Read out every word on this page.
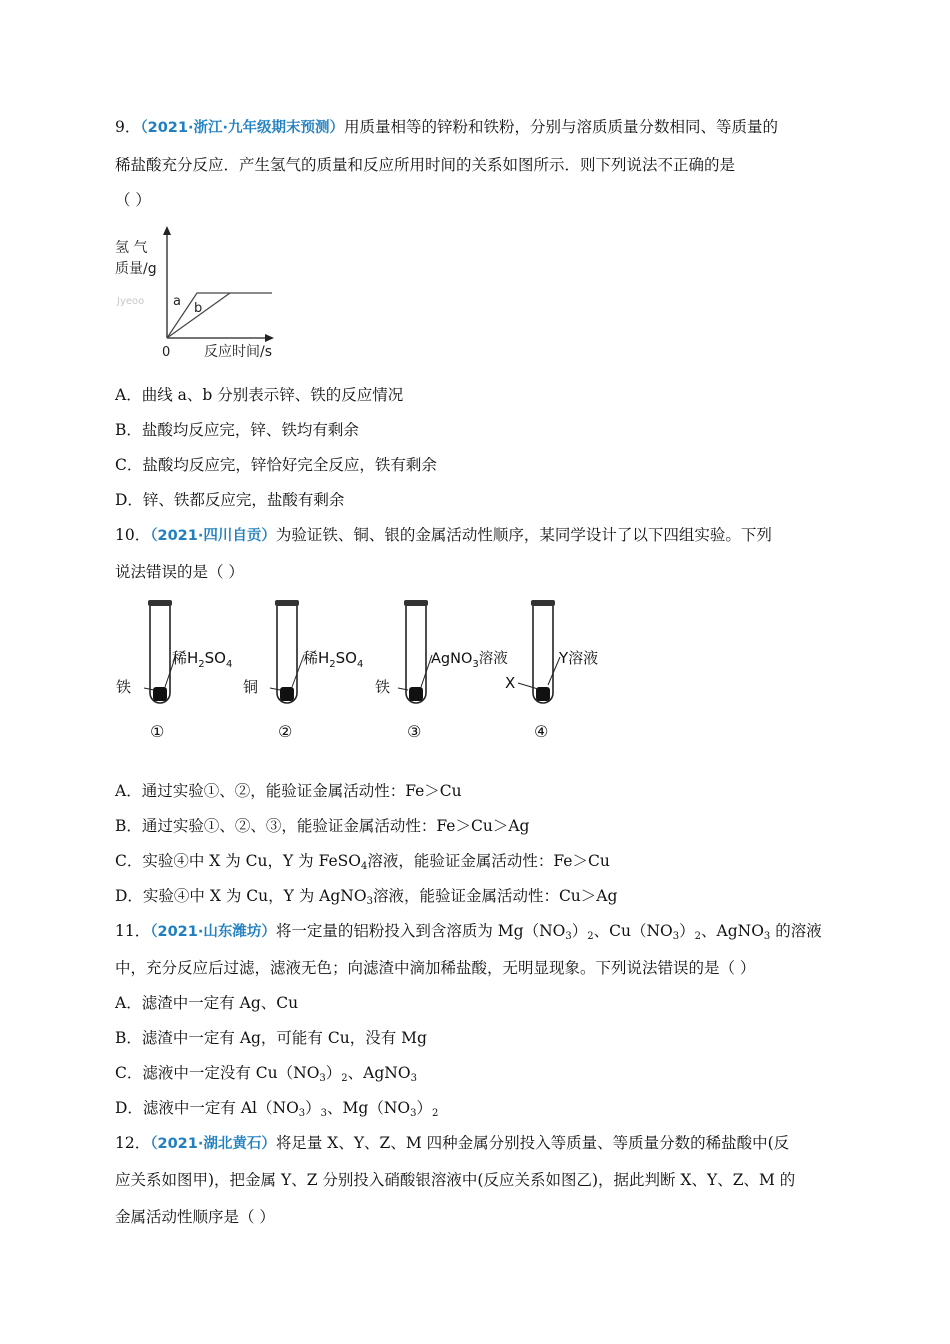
9．（2021·浙江·九年级期末预测）用质量相等的锌粉和铁粉，分别与溶质质量分数相同、等质量的
稀盐酸充分反应．产生氢气的质量和反应所用时间的关系如图所示．则下列说法不正确的是
（ ）
氢 气
质量/g
Jyeoo a b
0 反应时间/s
A．曲线 a、b 分别表示锌、铁的反应情况
B．盐酸均反应完，锌、铁均有剩余
C．盐酸均反应完，锌恰好完全反应，铁有剩余
D．锌、铁都反应完，盐酸有剩余
10．（2021·四川自贡）为验证铁、铜、银的金属活动性顺序，某同学设计了以下四组实验。下列
说法错误的是（ ）
稀$H_2SO_4$
铁
①
稀$H_2SO_4$
铜
②
AgNO$_3$溶液
铁
③
Y溶液
X
④
A．通过实验①、②，能验证金属活动性：Fe＞Cu
B．通过实验①、②、③，能验证金属活动性：Fe＞Cu＞Ag
C．实验④中 X 为 Cu，Y 为 FeSO$_4$溶液，能验证金属活动性：Fe＞Cu
D．实验④中 X 为 Cu，Y 为 AgNO$_3$溶液，能验证金属活动性：Cu＞Ag
11．（2021·山东潍坊）将一定量的铝粉投入到含溶质为 $Mg(NO_3)_2$、$Cu(NO_3)_2$、AgNO$_3$ 的溶液
中，充分反应后过滤，滤液无色；向滤渣中滴加稀盐酸，无明显现象。下列说法错误的是（ ）
A．滤渣中一定有 Ag、Cu
B．滤渣中一定有 Ag，可能有 Cu，没有 Mg
C．滤液中一定没有 $Cu(NO_3)_2$、AgNO$_3$
D．滤液中一定有 $Al(NO_3)_3$、$Mg(NO_3)_2$
12．（2021·湖北黄石）将足量 X、Y、Z、M 四种金属分别投入等质量、等质量分数的稀盐酸中(反
应关系如图甲)，把金属 Y、Z 分别投入硝酸银溶液中(反应关系如图乙)，据此判断 X、Y、Z、M 的
金属活动性顺序是（ ）
